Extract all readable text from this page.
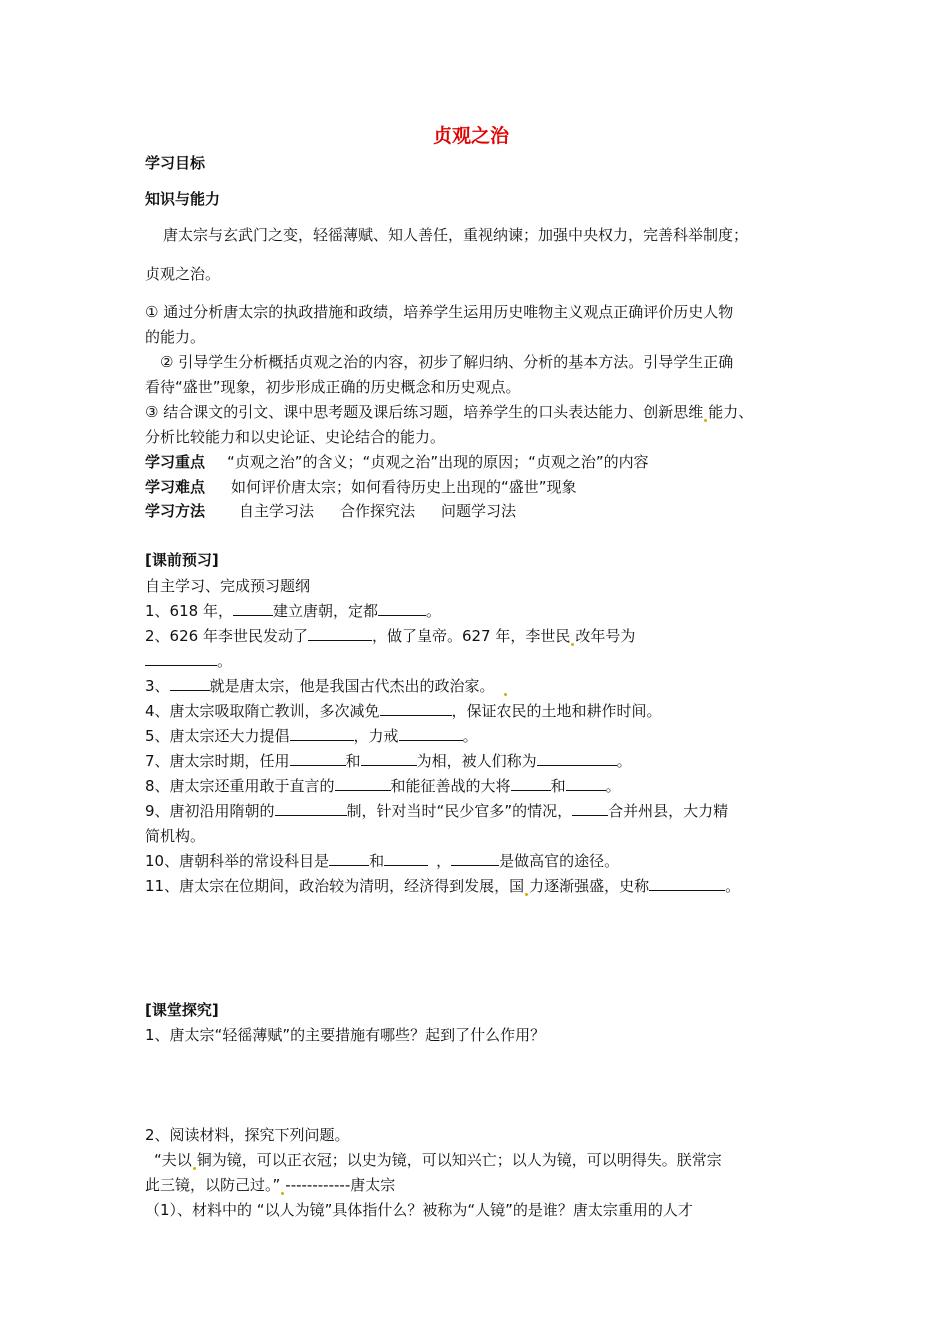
贞观之治
学习目标
知识与能力
唐太宗与玄武门之变，轻徭薄赋、知人善任，重视纳谏；加强中央权力，完善科举制度；
贞观之治。
① 通过分析唐太宗的执政措施和政绩，培养学生运用历史唯物主义观点正确评价历史人物
的能力。
② 引导学生分析概括贞观之治的内容，初步了解归纳、分析的基本方法。引导学生正确
看待“盛世”现象，初步形成正确的历史概念和历史观点。
③ 结合课文的引文、课中思考题及课后练习题，培养学生的口头表达能力、创新思维 能力、
分析比较能力和以史论证、史论结合的能力。
学习重点 “贞观之治”的含义；“贞观之治”出现的原因；“贞观之治”的内容
学习难点 如何评价唐太宗；如何看待历史上出现的“盛世”现象
学习方法 自主学习法 合作探究法 问题学习法
[课前预习]
自主学习、完成预习题纲
1、618 年，	建立唐朝，定都	。
2、626 年李世民发动了	，做了皇帝。627 年，李世民 改年号为
。
3、	就是唐太宗，他是我国古代杰出的政治家。
4、唐太宗吸取隋亡教训，多次减免	，保证农民的土地和耕作时间。
5、唐太宗还大力提倡	，力戒	。
7、唐太宗时期，任用	和	为相，被人们称为	。
8、唐太宗还重用敢于直言的	和能征善战的大将	和	。
9、唐初沿用隋朝的	制，针对当时“民少官多”的情况， 合并州县，大力精
简机构。
10、唐朝科举的常设科目是	和	，	是做高官的途径。
11、唐太宗在位期间，政治较为清明，经济得到发展，国 力逐渐强盛，史称	。
[课堂探究]
1、唐太宗“轻徭薄赋”的主要措施有哪些？起到了什么作用？
2、阅读材料，探究下列问题。
“夫以 铜为镜，可以正衣冠；以史为镜，可以知兴亡；以人为镜，可以明得失。朕常宗
此三镜，以防己过。” ------------唐太宗
（1）、材料中的 “以人为镜”具体指什么？被称为“人镜”的是谁？唐太宗重用的人才
